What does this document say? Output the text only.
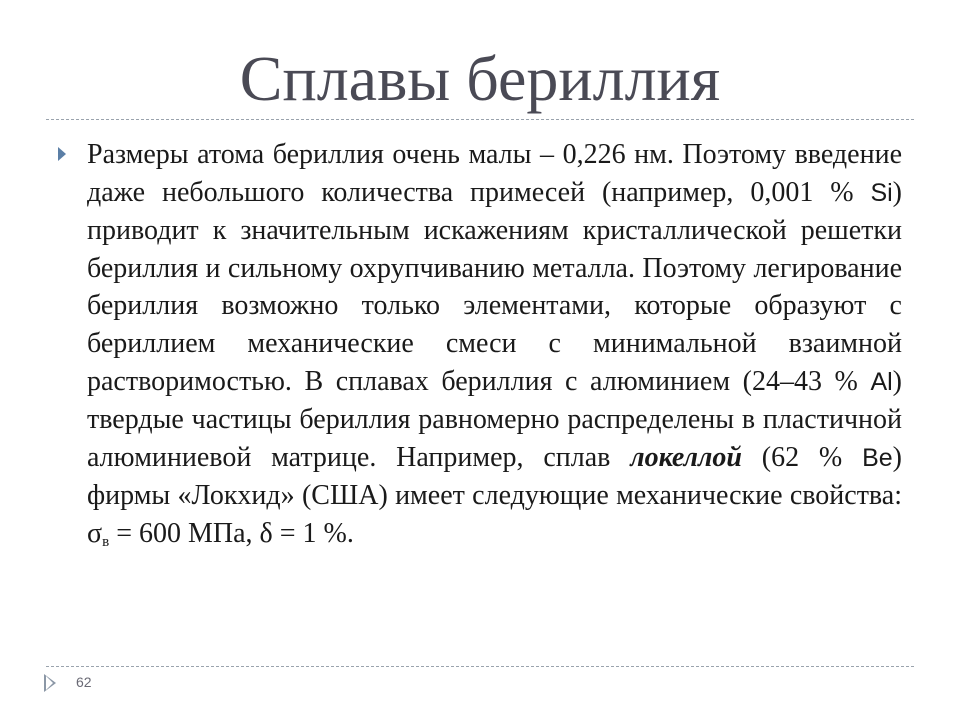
Сплавы бериллия

Размеры атома бериллия очень малы – 0,226 нм. Поэтому введение даже небольшого количества примесей (например, 0,001 % Si) приводит к значительным искажениям кристаллической решетки бериллия и сильному охрупчиванию металла. Поэтому легирование бериллия возможно только элементами, которые образуют с бериллием механические смеси с минимальной взаимной растворимостью. В сплавах бериллия с алюминием (24–43 % Al) твердые частицы бериллия равномерно распределены в пластичной алюминиевой матрице. Например, сплав локеллой (62 % Be) фирмы «Локхид» (США) имеет следующие механические свойства: $\sigma_в = 600$ МПа, δ = 1 %.

62
